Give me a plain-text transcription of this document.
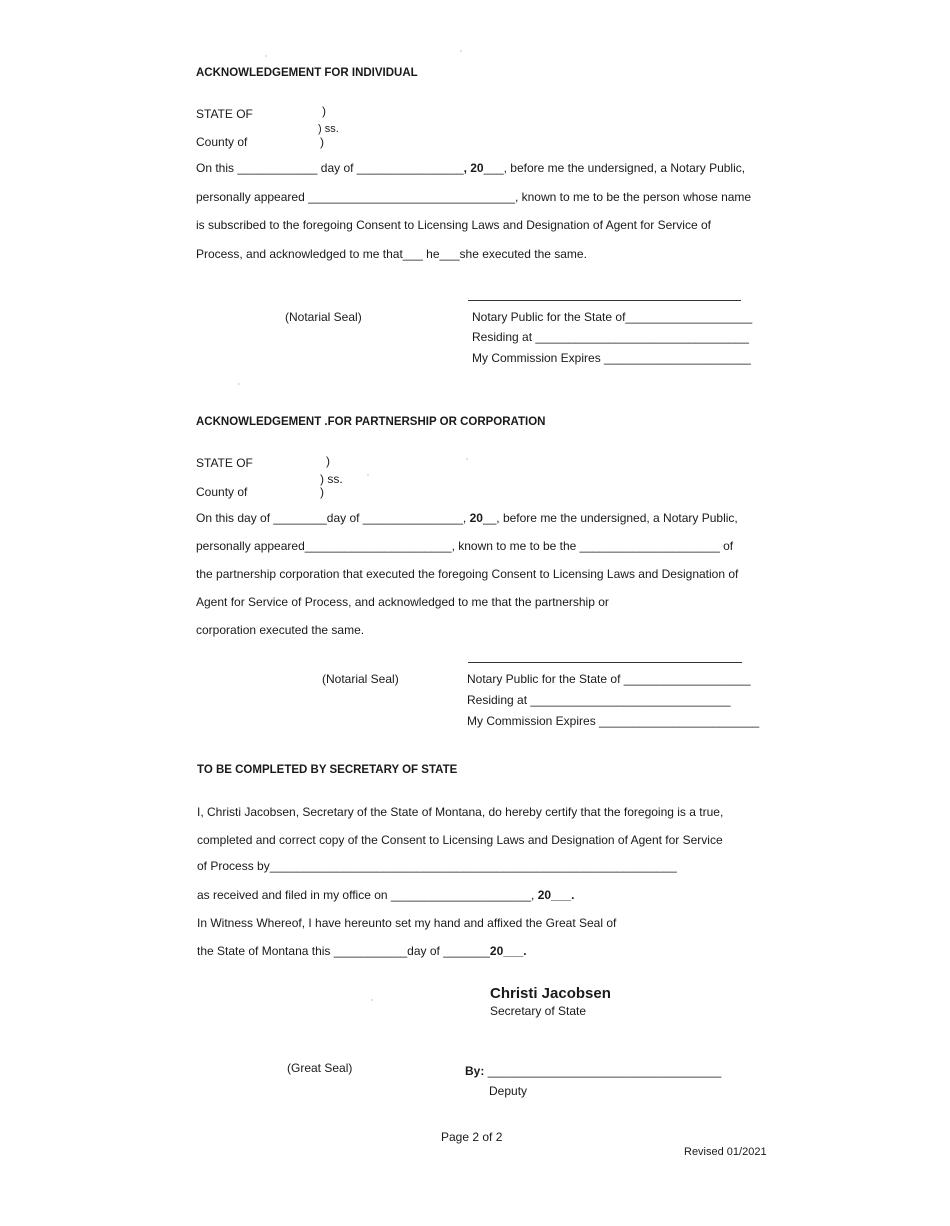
ACKNOWLEDGEMENT FOR INDIVIDUAL
STATE OF	)
) ss.
County of	)
On this ____________ day of ________________, 20___, before me the undersigned, a Notary Public,
personally appeared _______________________________, known to me to be the person whose name
is subscribed to the foregoing Consent to Licensing Laws and Designation of Agent for Service of
Process, and acknowledged to me that___ he___she executed the same.
(Notarial Seal)	Notary Public for the State of___________________
Residing at ________________________________
My Commission Expires ______________________
ACKNOWLEDGEMENT .FOR PARTNERSHIP OR CORPORATION
STATE OF	)
) ss.
County of	)
On this day of ________day of _______________, 20__, before me the undersigned, a Notary Public,
personally appeared______________________, known to me to be the _____________________ of
the partnership corporation that executed the foregoing Consent to Licensing Laws and Designation of
Agent for Service of Process, and acknowledged to me that the partnership or
corporation executed the same.
(Notarial Seal)	Notary Public for the State of ___________________
Residing at ______________________________
My Commission Expires ________________________
TO BE COMPLETED BY SECRETARY OF STATE
I, Christi Jacobsen, Secretary of the State of Montana, do hereby certify that the foregoing is a true,
completed and correct copy of the Consent to Licensing Laws and Designation of Agent for Service
of Process by_____________________________________________________________
as received and filed in my office on _____________________, 20___.
In Witness Whereof, I have hereunto set my hand and affixed the Great Seal of
the State of Montana this ___________day of _______20___.
Christi Jacobsen
Secretary of State
(Great Seal)	By: ___________________________________
Deputy
Page 2 of 2
Revised 01/2021
